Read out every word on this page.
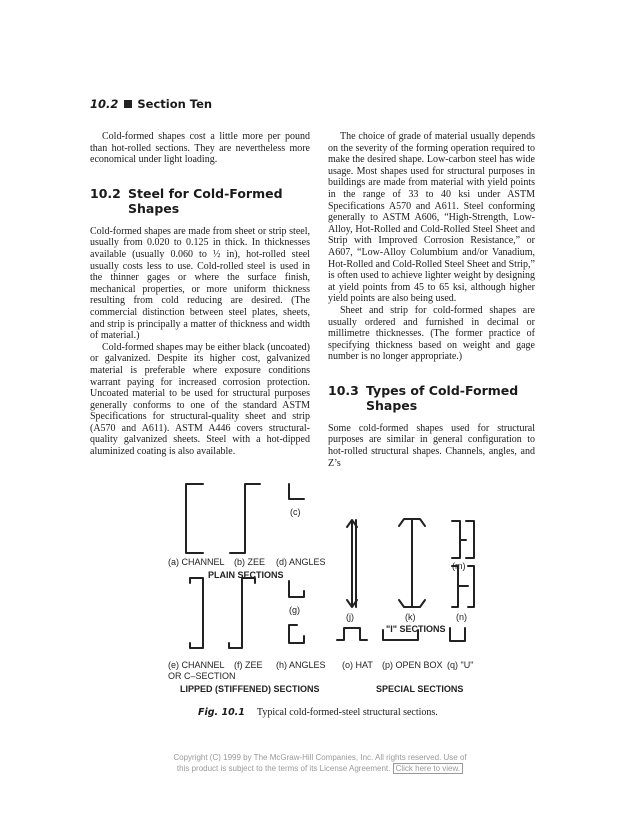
10.2 Section Ten

Cold-formed shapes cost a little more per pound than hot-rolled sections. They are nevertheless more economical under light loading.

10.2 Steel for Cold-Formed Shapes

Cold-formed shapes are made from sheet or strip steel, usually from 0.020 to 0.125 in thick. In thicknesses available (usually 0.060 to ½ in), hot-rolled steel usually costs less to use. Cold-rolled steel is used in the thinner gages or where the surface finish, mechanical properties, or more uniform thickness resulting from cold reducing are desired. (The commercial distinction between steel plates, sheets, and strip is principally a matter of thickness and width of material.)

Cold-formed shapes may be either black (uncoated) or galvanized. Despite its higher cost, galvanized material is preferable where exposure conditions warrant paying for increased corrosion protection. Uncoated material to be used for structural purposes generally conforms to one of the standard ASTM Specifications for structural-quality sheet and strip (A570 and A611). ASTM A446 covers structural-quality galvanized sheets. Steel with a hot-dipped aluminized coating is also available.

The choice of grade of material usually depends on the severity of the forming operation required to make the desired shape. Low-carbon steel has wide usage. Most shapes used for structural purposes in buildings are made from material with yield points in the range of 33 to 40 ksi under ASTM Specifications A570 and A611. Steel conforming generally to ASTM A606, “High-Strength, Low-Alloy, Hot-Rolled and Cold-Rolled Steel Sheet and Strip with Improved Corrosion Resistance,” or A607, “Low-Alloy Columbium and/or Vanadium, Hot-Rolled and Cold-Rolled Steel Sheet and Strip,” is often used to achieve lighter weight by designing at yield points from 45 to 65 ksi, although higher yield points are also being used.

Sheet and strip for cold-formed shapes are usually ordered and furnished in decimal or millimetre thicknesses. (The former practice of specifying thickness based on weight and gage number is no longer appropriate.)

10.3 Types of Cold-Formed Shapes

Some cold-formed shapes used for structural purposes are similar in general configuration to hot-rolled structural shapes. Channels, angles, and Z’s

(c)
(a) CHANNEL (b) ZEE (d) ANGLES
PLAIN SECTIONS
(g)
(m)
(j)	(k)	(n)
"I" SECTIONS
(e) CHANNEL
OR C–SECTION
(f) ZEE (h) ANGLES (o) HAT (p) OPEN BOX (q) "U"
LIPPED (STIFFENED) SECTIONS	SPECIAL SECTIONS
Fig. 10.1 Typical cold-formed-steel structural sections.
Copyright (C) 1999 by The McGraw-Hill Companies, Inc. All rights reserved. Use of
this product is subject to the terms of its License Agreement. Click here to view.
